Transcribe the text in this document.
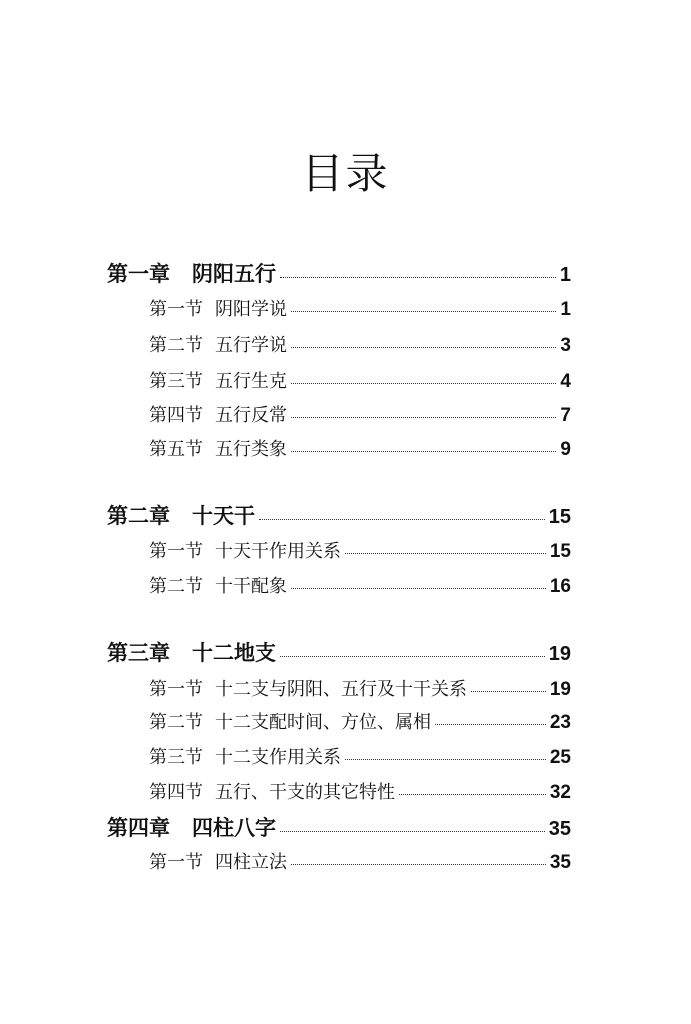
目录
第一章 阴阳五行	1
第一节 阴阳学说	1
第二节 五行学说	3
第三节 五行生克	4
第四节 五行反常	7
第五节 五行类象	9
第二章 十天干	15
第一节 十天干作用关系	15
第二节 十干配象	16
第三章 十二地支	19
第一节 十二支与阴阳、五行及十干关系	19
第二节 十二支配时间、方位、属相	23
第三节 十二支作用关系	25
第四节 五行、干支的其它特性	32
第四章 四柱八字	35
第一节 四柱立法	35
